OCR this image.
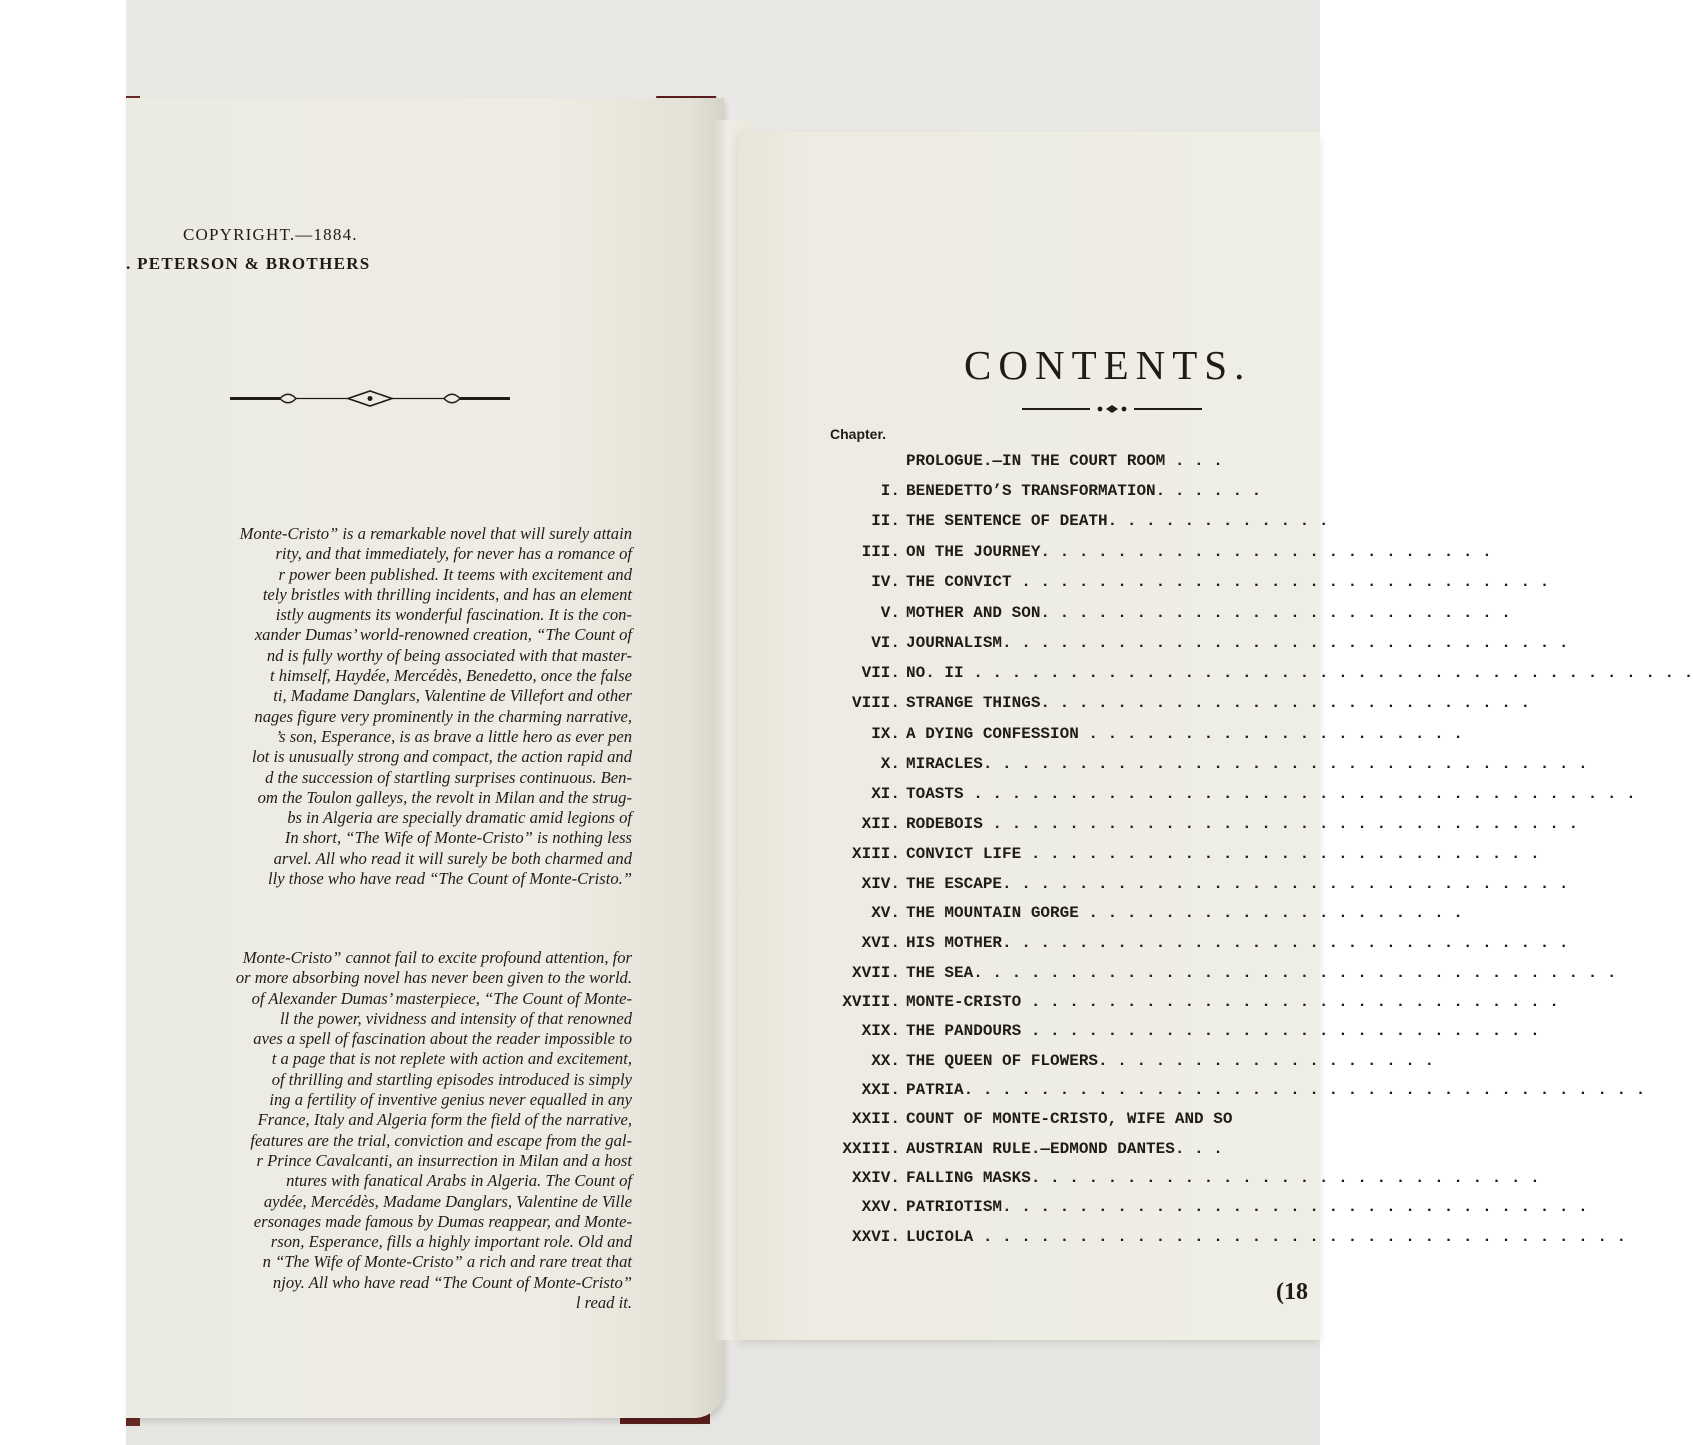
COPYRIGHT.—1884.
. PETERSON & BROTHERS
Monte-Cristo” is a remarkable novel that will surely attain
rity, and that immediately, for never has a romance of
r power been published. It teems with excitement and
tely bristles with thrilling incidents, and has an element
istly augments its wonderful fascination. It is the con-
xander Dumas’ world-renowned creation, “The Count of
nd is fully worthy of being associated with that master-
t himself, Haydée, Mercédès, Benedetto, once the false
ti, Madame Danglars, Valentine de Villefort and other
nages figure very prominently in the charming narrative,
’s son, Esperance, is as brave a little hero as ever pen
lot is unusually strong and compact, the action rapid and
d the succession of startling surprises continuous. Ben-
om the Toulon galleys, the revolt in Milan and the strug-
bs in Algeria are specially dramatic amid legions of
In short, “The Wife of Monte-Cristo” is nothing less
arvel. All who read it will surely be both charmed and
lly those who have read “The Count of Monte-Cristo.”
Monte-Cristo” cannot fail to excite profound attention, for
or more absorbing novel has never been given to the world.
of Alexander Dumas’ masterpiece, “The Count of Monte-
ll the power, vividness and intensity of that renowned
aves a spell of fascination about the reader impossible to
t a page that is not replete with action and excitement,
of thrilling and startling episodes introduced is simply
ing a fertility of inventive genius never equalled in any
France, Italy and Algeria form the field of the narrative,
features are the trial, conviction and escape from the gal-
r Prince Cavalcanti, an insurrection in Milan and a host
ntures with fanatical Arabs in Algeria. The Count of
aydée, Mercédès, Madame Danglars, Valentine de Ville
ersonages made famous by Dumas reappear, and Monte-
rson, Esperance, fills a highly important role. Old and
n “The Wife of Monte-Cristo” a rich and rare treat that
njoy. All who have read “The Count of Monte-Cristo”
l read it.
CONTENTS.
Chapter.
PROLOGUE.—IN THE COURT ROOM . . .
I. BENEDETTO’S TRANSFORMATION. . . . . .
II. THE SENTENCE OF DEATH. . . . . . . . . . . .
III. ON THE JOURNEY. . . . . . . . . . . . . . . . . . . . . . . .
IV. THE CONVICT . . . . . . . . . . . . . . . . . . . . . . . . . . . .
V. MOTHER AND SON. . . . . . . . . . . . . . . . . . . . . . . . .
VI. JOURNALISM. . . . . . . . . . . . . . . . . . . . . . . . . . . . . .
VII. NO. II . . . . . . . . . . . . . . . . . . . . . . . . . . . . . . . . . . . . . .
VIII. STRANGE THINGS. . . . . . . . . . . . . . . . . . . . . . . . . .
IX. A DYING CONFESSION . . . . . . . . . . . . . . . . . . . .
X. MIRACLES. . . . . . . . . . . . . . . . . . . . . . . . . . . . . . . .
XI. TOASTS . . . . . . . . . . . . . . . . . . . . . . . . . . . . . . . . . . .
XII. RODEBOIS . . . . . . . . . . . . . . . . . . . . . . . . . . . . . . .
XIII. CONVICT LIFE . . . . . . . . . . . . . . . . . . . . . . . . . . .
XIV. THE ESCAPE. . . . . . . . . . . . . . . . . . . . . . . . . . . . . .
XV. THE MOUNTAIN GORGE . . . . . . . . . . . . . . . . . . . .
XVI. HIS MOTHER. . . . . . . . . . . . . . . . . . . . . . . . . . . . . .
XVII. THE SEA. . . . . . . . . . . . . . . . . . . . . . . . . . . . . . . . . .
XVIII. MONTE-CRISTO . . . . . . . . . . . . . . . . . . . . . . . . . . . .
XIX. THE PANDOURS . . . . . . . . . . . . . . . . . . . . . . . . . . .
XX. THE QUEEN OF FLOWERS. . . . . . . . . . . . . . . . . .
XXI. PATRIA. . . . . . . . . . . . . . . . . . . . . . . . . . . . . . . . . . . .
XXII. COUNT OF MONTE-CRISTO, WIFE AND SO
XXIII. AUSTRIAN RULE.—EDMOND DANTES. . .
XXIV. FALLING MASKS. . . . . . . . . . . . . . . . . . . . . . . . . . .
XXV. PATRIOTISM. . . . . . . . . . . . . . . . . . . . . . . . . . . . . . .
XXVI. LUCIOLA . . . . . . . . . . . . . . . . . . . . . . . . . . . . . . . . . .
(18
